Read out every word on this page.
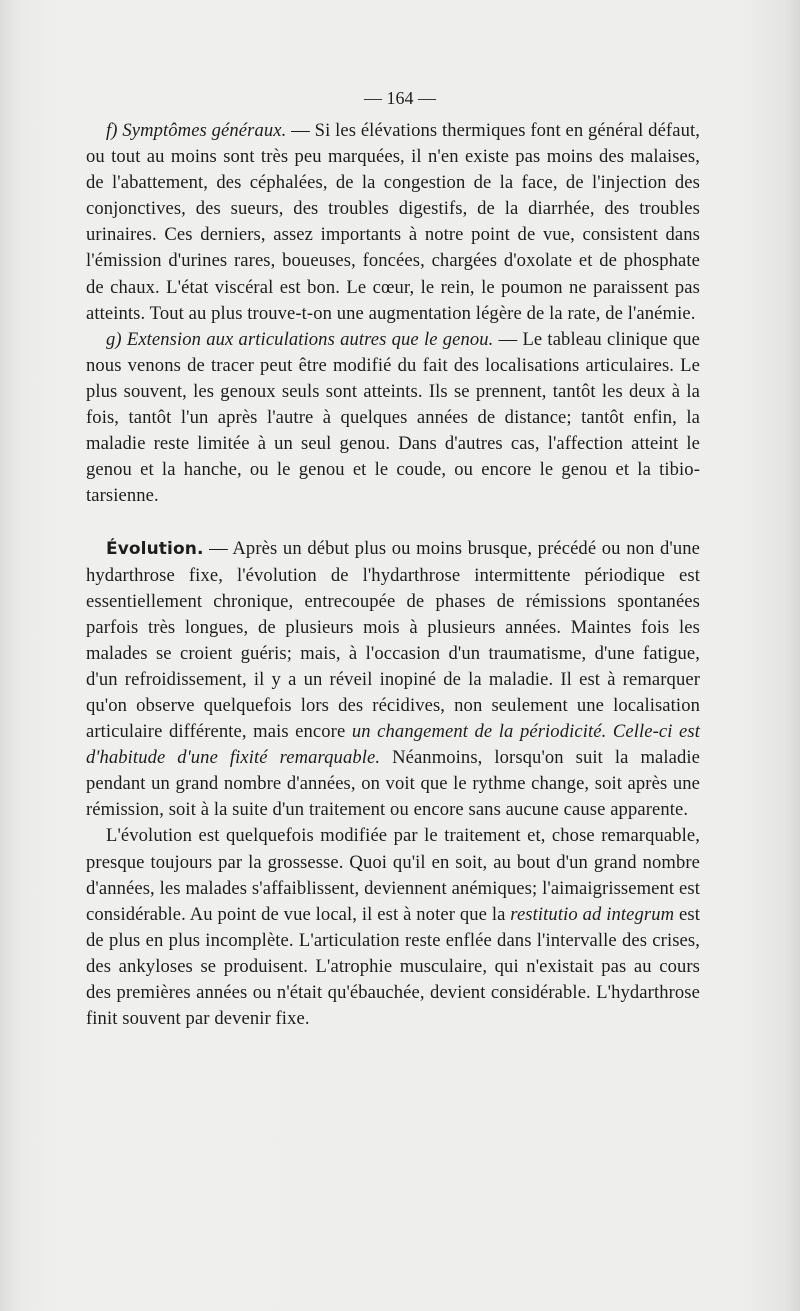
— 164 —

f) Symptômes généraux. — Si les élévations thermiques font en général défaut, ou tout au moins sont très peu marquées, il n'en existe pas moins des malaises, de l'abattement, des céphalées, de la congestion de la face, de l'injection des conjonctives, des sueurs, des troubles digestifs, de la diarrhée, des troubles urinaires. Ces derniers, assez importants à notre point de vue, consistent dans l'émission d'urines rares, boueuses, foncées, chargées d'oxolate et de phosphate de chaux. L'état viscéral est bon. Le cœur, le rein, le poumon ne paraissent pas atteints. Tout au plus trouve-t-on une augmentation légère de la rate, de l'anémie.

g) Extension aux articulations autres que le genou. — Le tableau clinique que nous venons de tracer peut être modifié du fait des localisations articulaires. Le plus souvent, les genoux seuls sont atteints. Ils se prennent, tantôt les deux à la fois, tantôt l'un après l'autre à quelques années de distance; tantôt enfin, la maladie reste limitée à un seul genou. Dans d'autres cas, l'affection atteint le genou et la hanche, ou le genou et le coude, ou encore le genou et la tibio-tarsienne.

Évolution. — Après un début plus ou moins brusque, précédé ou non d'une hydarthrose fixe, l'évolution de l'hydarthrose intermittente périodique est essentiellement chronique, entrecoupée de phases de rémissions spontanées parfois très longues, de plusieurs mois à plusieurs années. Maintes fois les malades se croient guéris; mais, à l'occasion d'un traumatisme, d'une fatigue, d'un refroidissement, il y a un réveil inopiné de la maladie. Il est à remarquer qu'on observe quelquefois lors des récidives, non seulement une localisation articulaire différente, mais encore un changement de la périodicité. Celle-ci est d'habitude d'une fixité remarquable. Néanmoins, lorsqu'on suit la maladie pendant un grand nombre d'années, on voit que le rythme change, soit après une rémission, soit à la suite d'un traitement ou encore sans aucune cause apparente.

L'évolution est quelquefois modifiée par le traitement et, chose remarquable, presque toujours par la grossesse. Quoi qu'il en soit, au bout d'un grand nombre d'années, les malades s'affaiblissent, deviennent anémiques; l'aimaigrissement est considérable. Au point de vue local, il est à noter que la restitutio ad integrum est de plus en plus incomplète. L'articulation reste enflée dans l'intervalle des crises, des ankyloses se produisent. L'atrophie musculaire, qui n'existait pas au cours des premières années ou n'était qu'ébauchée, devient considérable. L'hydarthrose finit souvent par devenir fixe.
